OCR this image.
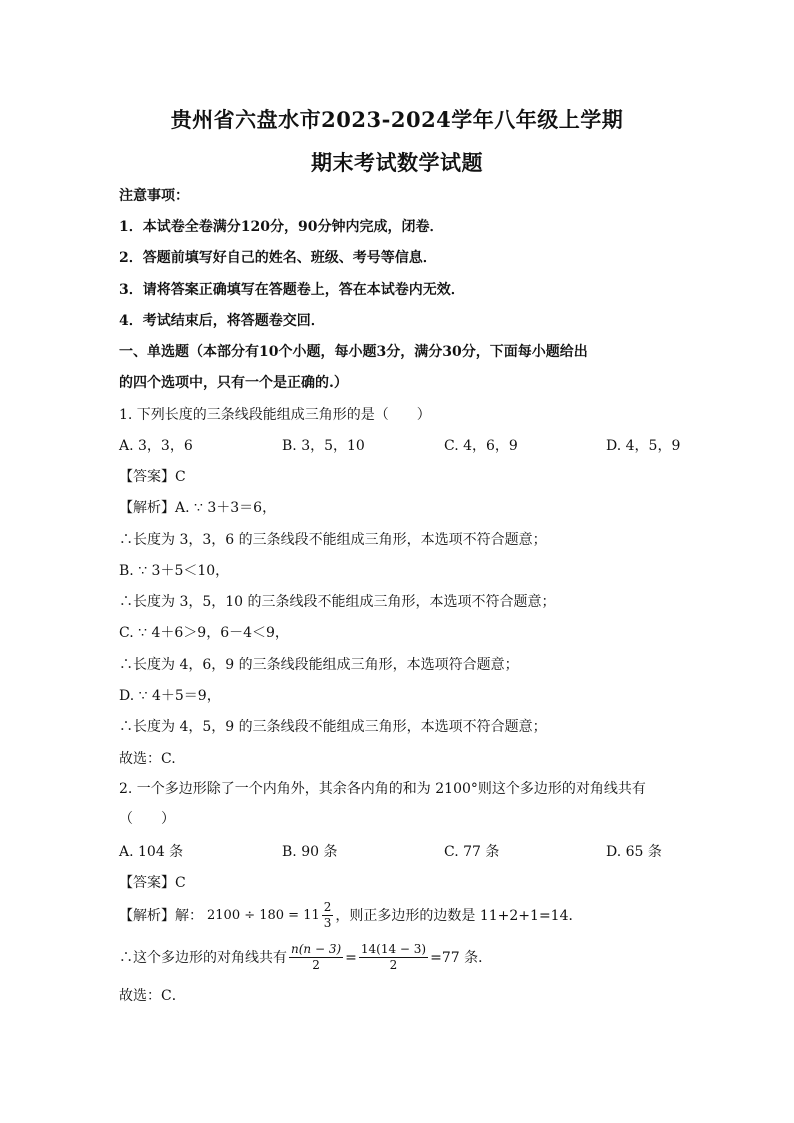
贵州省六盘水市2023-2024学年八年级上学期
期末考试数学试题
注意事项：
1．本试卷全卷满分120分，90分钟内完成，闭卷．
2．答题前填写好自己的姓名、班级、考号等信息．
3．请将答案正确填写在答题卷上，答在本试卷内无效．
4．考试结束后，将答题卷交回．
一、单选题（本部分有10个小题，每小题3分，满分30分，下面每小题给出
的四个选项中，只有一个是正确的.）
1. 下列长度的三条线段能组成三角形的是（　　）
A. 3，3，6	B. 3，5，10	C. 4，6，9	D. 4，5，9
【答案】C
【解析】A. ∵ 3＋3＝6，
∴长度为 3，3，6 的三条线段不能组成三角形，本选项不符合题意；
B. ∵ 3＋5＜10，
∴长度为 3，5，10 的三条线段不能组成三角形，本选项不符合题意；
C. ∵ 4＋6＞9，6－4＜9，
∴长度为 4，6，9 的三条线段能组成三角形，本选项符合题意；
D. ∵ 4＋5＝9，
∴长度为 4，5，9 的三条线段不能组成三角形，本选项不符合题意；
故选：C.
2. 一个多边形除了一个内角外，其余各内角的和为 2100°则这个多边形的对角线共有
（　　）
A. 104 条	B. 90 条	C. 77 条	D. 65 条
【答案】C
【解析】解： $2100 \div 180 = 11 \frac{2}{3}$ ，则正多边形的边数是 11+2+1=14．
∴这个多边形的对角线共有 $\frac{n(n - 3)}{2} = \frac{14(14 - 3)}{2} =77$ 条．
故选：C．
